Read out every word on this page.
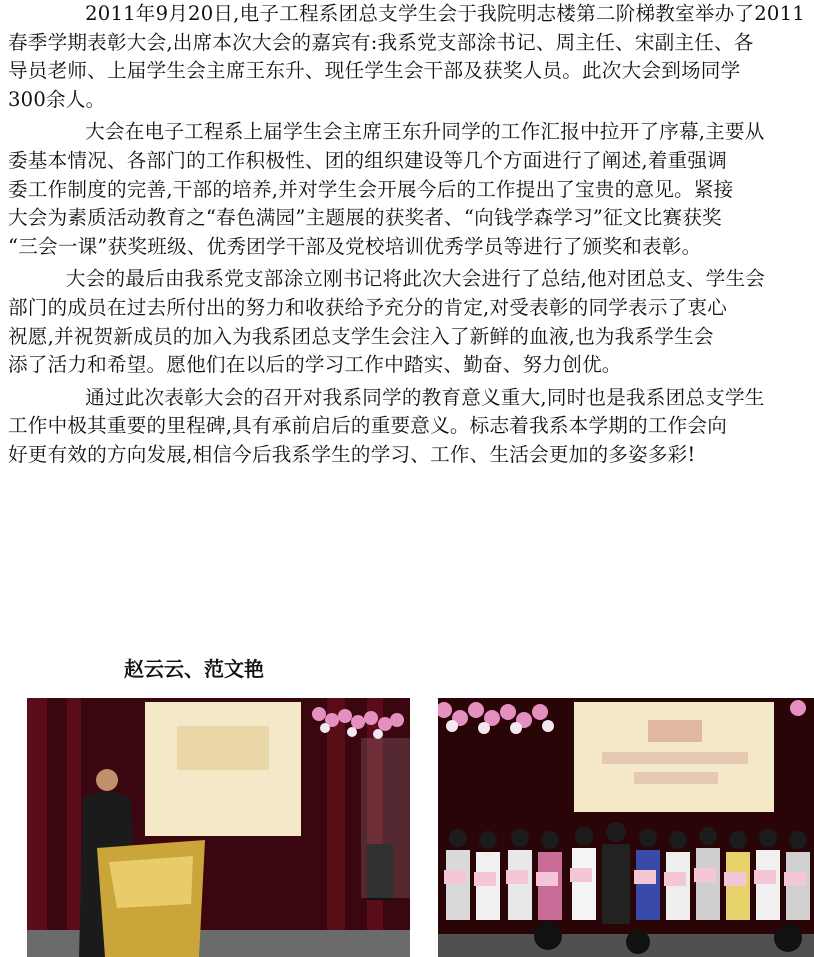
2011年9月20日,电子工程系团总支学生会于我院明志楼第二阶梯教室举办了2011
春季学期表彰大会,出席本次大会的嘉宾有:我系党支部涂书记、周主任、宋副主任、各
导员老师、上届学生会主席王东升、现任学生会干部及获奖人员。此次大会到场同学
300余人。
大会在电子工程系上届学生会主席王东升同学的工作汇报中拉开了序幕,主要从
委基本情况、各部门的工作积极性、团的组织建设等几个方面进行了阐述,着重强调
委工作制度的完善,干部的培养,并对学生会开展今后的工作提出了宝贵的意见。紧接
大会为素质活动教育之“春色满园”主题展的获奖者、“向钱学森学习”征文比赛获奖
“三会一课”获奖班级、优秀团学干部及党校培训优秀学员等进行了颁奖和表彰。
大会的最后由我系党支部涂立刚书记将此次大会进行了总结,他对团总支、学生会
部门的成员在过去所付出的努力和收获给予充分的肯定,对受表彰的同学表示了衷心
祝愿,并祝贺新成员的加入为我系团总支学生会注入了新鲜的血液,也为我系学生会
添了活力和希望。愿他们在以后的学习工作中踏实、勤奋、努力创优。
通过此次表彰大会的召开对我系同学的教育意义重大,同时也是我系团总支学生
工作中极其重要的里程碑,具有承前启后的重要意义。标志着我系本学期的工作会向
好更有效的方向发展,相信今后我系学生的学习、工作、生活会更加的多姿多彩!
赵云云、范文艳
